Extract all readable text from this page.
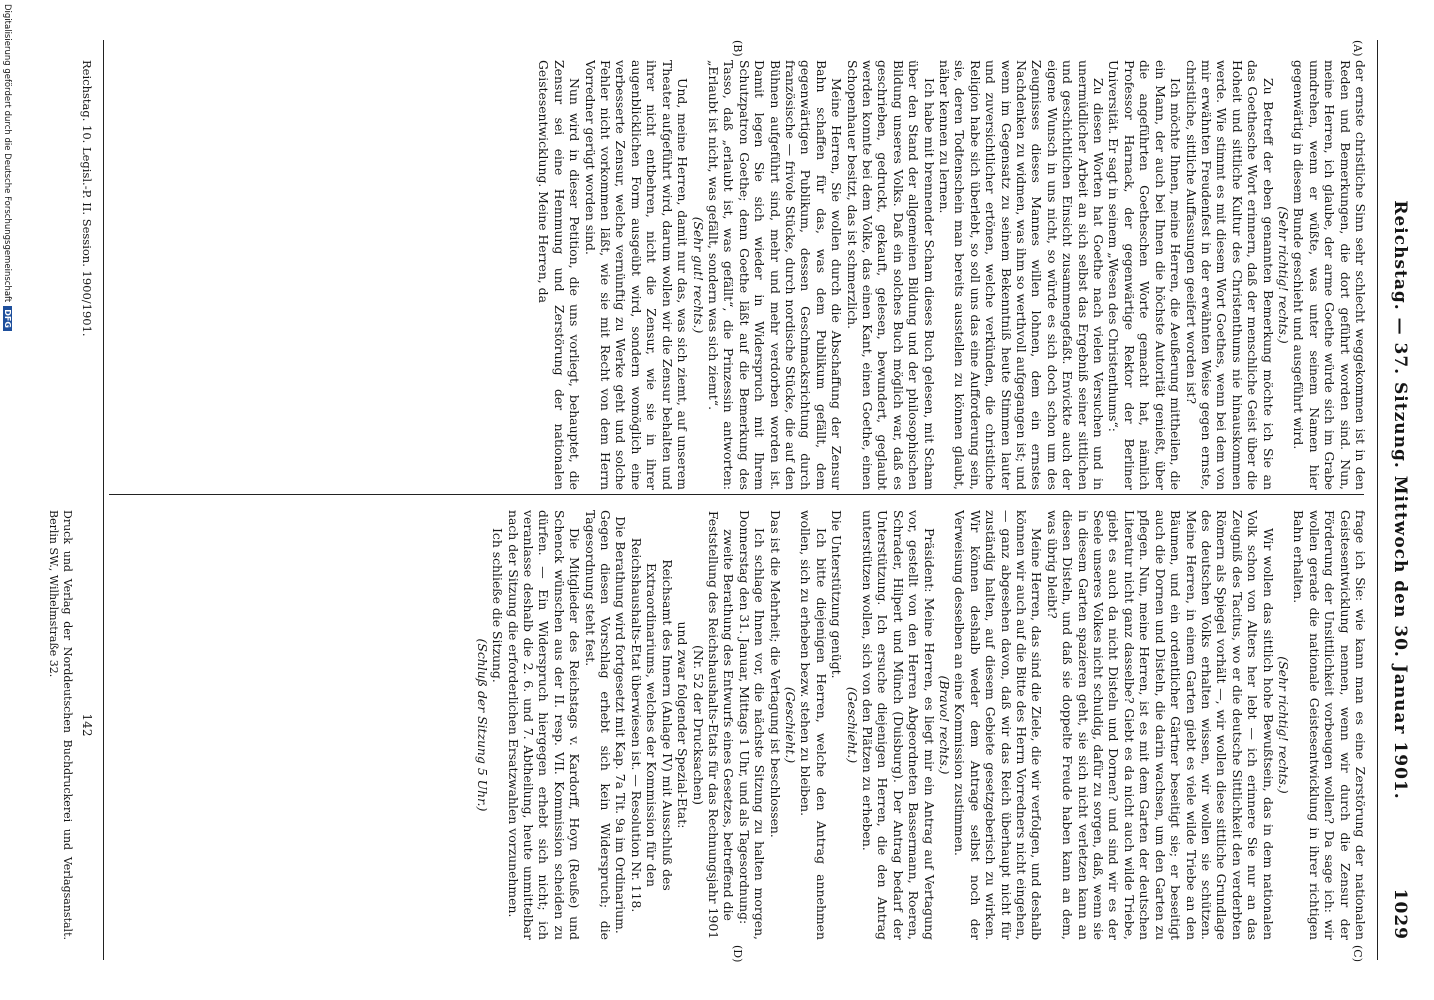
Reichstag. — 37. Sitzung. Mittwoch den 30. Januar 1901.
1029
(A)
(B)
(C)
(D)

der ernste christliche Sinn sehr schlecht weggekommen ist in den Reden und Bemerkungen, die dort geführt worden sind. Nun, meine Herren, ich glaube, der arme Goethe würde sich im Grabe umdrehen, wenn er wüßte, was unter seinem Namen hier gegenwärtig in diesem Bunde geschieht und ausgeführt wird.

(Sehr richtig! rechts.)

Zu Betreff der eben genannten Bemerkung möchte ich Sie an das Goethesche Wort erinnern, daß der menschliche Geist über die Hoheit und sittliche Kultur des Christenthums nie hinauskommen werde. Wie stimmt es mit diesem Wort Goethes, wenn bei dem von mir erwähnten Freudenfest in der erwähnten Weise gegen ernste, christliche, sittliche Auffassungen geeifert worden ist?

Ich möchte Ihnen, meine Herren, die Aeußerung mittheilen, die ein Mann, der auch bei Ihnen die höchste Autorität genießt, über die angeführten Goetheschen Worte gemacht hat, nämlich Professor Harnack, der gegenwärtige Rektor der Berliner Universität. Er sagt in seinem „Wesen des Christenthums“:

Zu diesen Worten hat Goethe nach vielen Versuchen und in unermüdlicher Arbeit an sich selbst das Ergebniß seiner sittlichen und geschichtlichen Einsicht zusammengefaßt. Envickte auch der eigene Wunsch in uns nicht, so würde es sich doch schon um des Zeugnisses dieses Mannes willen lohnen, dem ein ernstes Nachdenken zu widmen, was ihm so werthvoll aufgegangen ist; und wenn im Gegensatz zu seinem Bekenntniß heute Stimmen lauter und zuversichtlicher ertönen, welche verkünden, die christliche Religion habe sich überlebt, so soll uns das eine Aufforderung sein, sie, deren Todtenschein man bereits ausstellen zu können glaubt, näher kennen zu lernen.

Ich habe mit brennender Scham dieses Buch gelesen, mit Scham über den Stand der allgemeinen Bildung und der philosophischen Bildung unseres Volks. Daß ein solches Buch möglich war, daß es geschrieben, gedruckt, gekauft, gelesen, bewundert, geglaubt werden konnte bei dem Volke, das einen Kant, einen Goethe, einen Schopenhauer besitzt, das ist schmerzlich.

Meine Herren, Sie wollen durch die Abschaffung der Zensur Bahn schaffen für das, was dem Publikum gefällt, dem gegenwärtigen Publikum, dessen Geschmacksrichtung durch französische — frivole Stücke, durch nordische Stücke, die auf den Bühnen aufgeführt sind, mehr und mehr verdorben worden ist. Damit legen Sie sich wieder in Widerspruch mit Ihrem Schutzpatron Goethe; denn Goethe läßt auf die Bemerkung des Tasso, daß „erlaubt ist, was gefällt“, die Prinzessin antworten: „Erlaubt ist nicht, was gefällt, sondern was sich ziemt“.

(Sehr gut! rechts.)

Und, meine Herren, damit nur das, was sich ziemt, auf unserem Theater aufgeführt wird, darum wollen wir die Zensur behalten und ihrer nicht entbehren, nicht die Zensur, wie sie in ihrer augenblicklichen Form ausgeübt wird, sondern womöglich eine verbesserte Zensur, welche vernünftig zu Werke geht und solche Fehler nicht vorkommen läßt, wie sie mit Recht von dem Herrn Vorredner gerügt worden sind.

Nun wird in dieser Petition, die uns vorliegt, behauptet, die Zensur sei eine Hemmung und Zerstörung der nationalen Geistesentwicklung. Meine Herren, da

frage ich Sie: wie kann man es eine Zerstörung der nationalen Geistesentwicklung nennen, wenn wir durch die Zensur der Förderung der Unsittlichkeit vorbeugen wollen? Da sage ich: wir wollen gerade die nationale Geistesentwicklung in ihrer richtigen Bahn erhalten.

(Sehr richtig! rechts.)

Wir wollen das sittlich hohe Bewußtsein, das in dem nationalen Volk schon von Alters her lebt — ich erinnere Sie nur an das Zeugniß des Tacitus, wo er die deutsche Sittlichkeit den verderbten Römern als Spiegel vorhält —, wir wollen diese sittliche Grundlage des deutschen Volks erhalten wissen, wir wollen sie schützen. Meine Herren, in einem Garten giebt es viele wilde Triebe an den Bäumen, und ein ordentlicher Gärtner beseitigt sie; er beseitigt auch die Dornen und Disteln, die darin wachsen, um den Garten zu pflegen. Nun, meine Herren, ist es mit dem Garten der deutschen Literatur nicht ganz dasselbe? Giebt es da nicht auch wilde Triebe, giebt es auch da nicht Disteln und Dornen? und sind wir es der Seele unseres Volkes nicht schuldig, dafür zu sorgen, daß, wenn sie in diesem Garten spazieren geht, sie sich nicht verletzen kann an diesen Disteln, und daß sie doppelte Freude haben kann an dem, was übrig bleibt?

Meine Herren, das sind die Ziele, die wir verfolgen, und deshalb können wir auch auf die Bitte des Herrn Vorredners nicht eingehen, — ganz abgesehen davon, daß wir das Reich überhaupt nicht für zuständig halten, auf diesem Gebiete gesetzgeberisch zu wirken. Wir können deshalb weder dem Antrage selbst noch der Verweisung desselben an eine Kommission zustimmen.

(Bravo! rechts.)

Präsident: Meine Herren, es liegt mir ein Antrag auf Vertagung vor, gestellt von den Herren Abgeordneten Bassermann, Roeren, Schrader, Hilpert und Münch (Duisburg). Der Antrag bedarf der Unterstützung. Ich ersuche diejenigen Herren, die den Antrag unterstützen wollen, sich von den Plätzen zu erheben.

(Geschieht.)

Die Unterstützung genügt.

Ich bitte diejenigen Herren, welche den Antrag annehmen wollen, sich zu erheben bezw. stehen zu bleiben.

(Geschieht.)

Das ist die Mehrheit; die Vertagung ist beschlossen.

Ich schlage Ihnen vor, die nächste Sitzung zu halten morgen, Donnerstag den 31. Januar, Mittags 1 Uhr, und als Tagesordnung:

zweite Berathung des Entwurfs eines Gesetzes, betreffend die Feststellung des Reichshaushalts-Etats für das Rechnungsjahr 1901 (Nr. 52 der Drucksachen)

und zwar folgender Spezial-Etat:

Reichsamt des Innern (Anlage IV) mit Ausschluß des Extraordinariums, welches der Kommission für den Reichshaushalts-Etat überwiesen ist. — Resolution Nr. 118.

Die Berathung wird fortgesetzt mit Kap. 7a Tit. 9a im Ordinarium.

Gegen diesen Vorschlag erhebt sich kein Widerspruch; die Tagesordnung steht fest.

Die Mitglieder des Reichstags v. Kardorff, Hoyn (Reuße) und Schenck wünschen aus der II. resp. VII. Kommission scheiden zu dürfen. — Ein Widerspruch hiergegen erhebt sich nicht; ich veranlasse deshalb die 2. 6. und 7. Abtheilung, heute unmittelbar nach der Sitzung die erforderlichen Ersatzwahlen vorzunehmen.

Ich schließe die Sitzung.

(Schluß der Sitzung 5 Uhr.)

Reichstag. 10. Legisl.-P. II. Session. 1900/1901.
142
Druck und Verlag der Norddeutschen Buchdruckerei und Verlagsanstalt. Berlin SW., Wilhelmstraße 32.
Digitalisierung gefördert durch die Deutsche ForschungsgemeinschaftDFG
